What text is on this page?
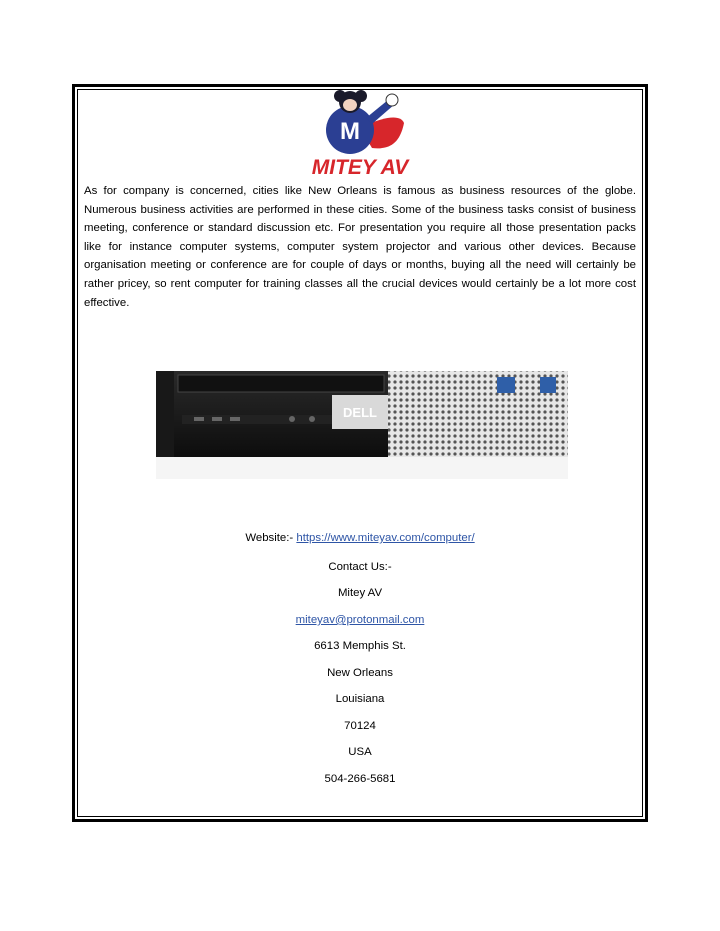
M
MITEY AV

As for company is concerned, cities like New Orleans is famous as business resources of the globe. Numerous business activities are performed in these cities. Some of the business tasks consist of business meeting, conference or standard discussion etc. For presentation you require all those presentation packs like for instance computer systems, computer system projector and various other devices. Because organisation meeting or conference are for couple of days or months, buying all the need will certainly be rather pricey, so rent computer for training classes all the crucial devices would certainly be a lot more cost effective.

DELL
Website:- https://www.miteyav.com/computer/
Contact Us:-
Mitey AV
miteyav@protonmail.com
6613 Memphis St.
New Orleans
Louisiana
70124
USA
504-266-5681
